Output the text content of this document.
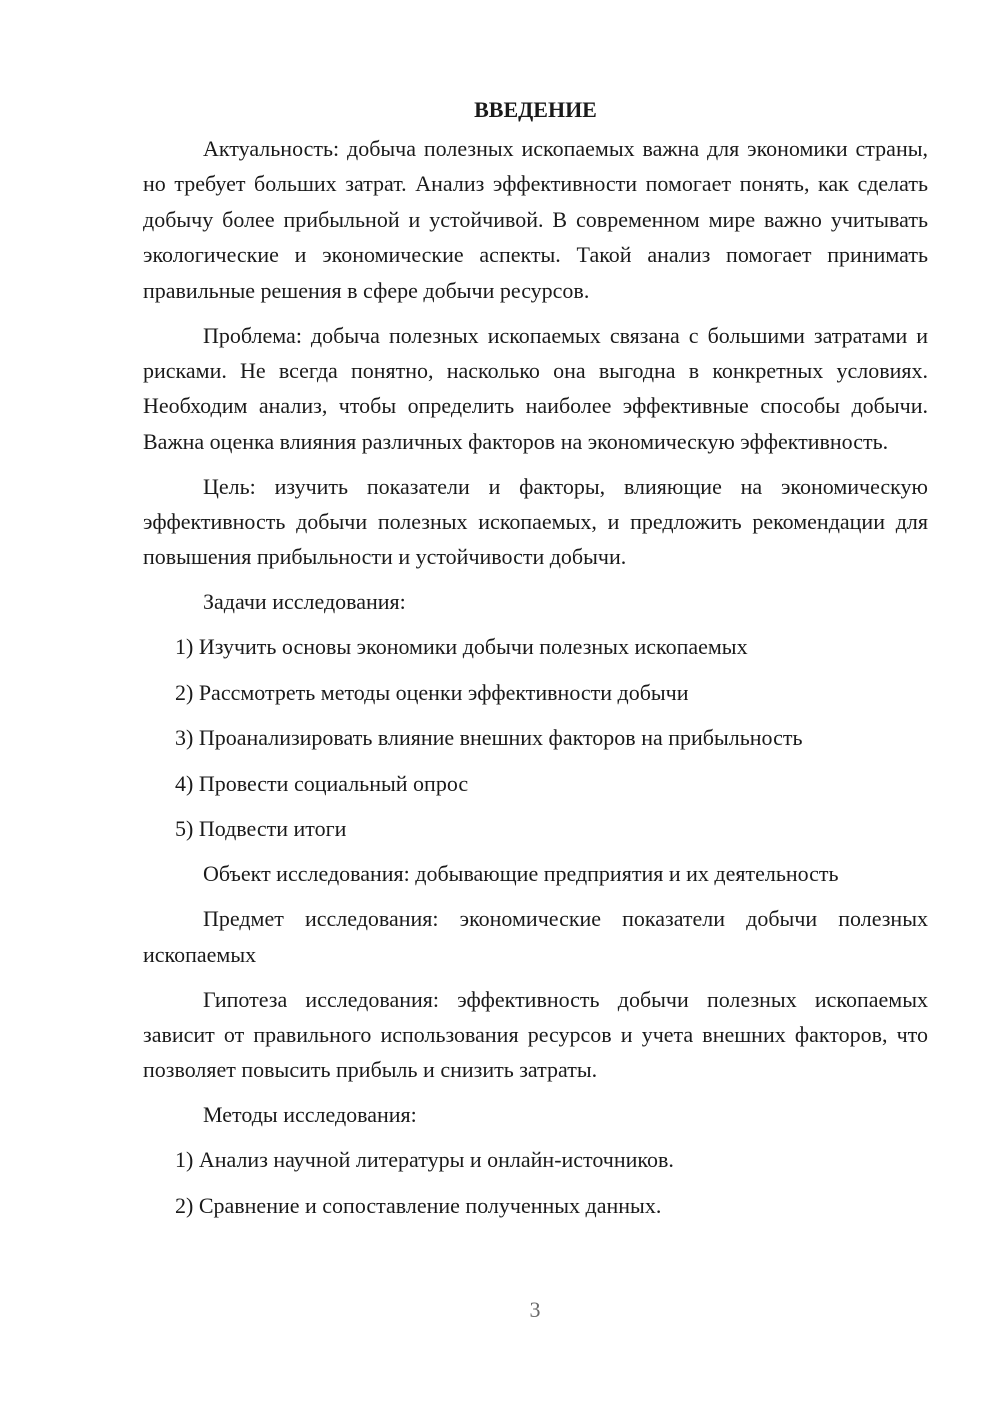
ВВЕДЕНИЕ

Актуальность: добыча полезных ископаемых важна для экономики страны, но требует больших затрат. Анализ эффективности помогает понять, как сделать добычу более прибыльной и устойчивой. В современном мире важно учитывать экологические и экономические аспекты. Такой анализ помогает принимать правильные решения в сфере добычи ресурсов.

Проблема: добыча полезных ископаемых связана с большими затратами и рисками. Не всегда понятно, насколько она выгодна в конкретных условиях. Необходим анализ, чтобы определить наиболее эффективные способы добычи. Важна оценка влияния различных факторов на экономическую эффективность.

Цель: изучить показатели и факторы, влияющие на экономическую эффективность добычи полезных ископаемых, и предложить рекомендации для повышения прибыльности и устойчивости добычи.

Задачи исследования:

1) Изучить основы экономики добычи полезных ископаемых
2) Рассмотреть методы оценки эффективности добычи
3) Проанализировать влияние внешних факторов на прибыльность
4) Провести социальный опрос
5) Подвести итоги

Объект исследования: добывающие предприятия и их деятельность

Предмет исследования: экономические показатели добычи полезных ископаемых

Гипотеза исследования: эффективность добычи полезных ископаемых зависит от правильного использования ресурсов и учета внешних факторов, что позволяет повысить прибыль и снизить затраты.

Методы исследования:

1) Анализ научной литературы и онлайн-источников.
2) Сравнение и сопоставление полученных данных.
3
